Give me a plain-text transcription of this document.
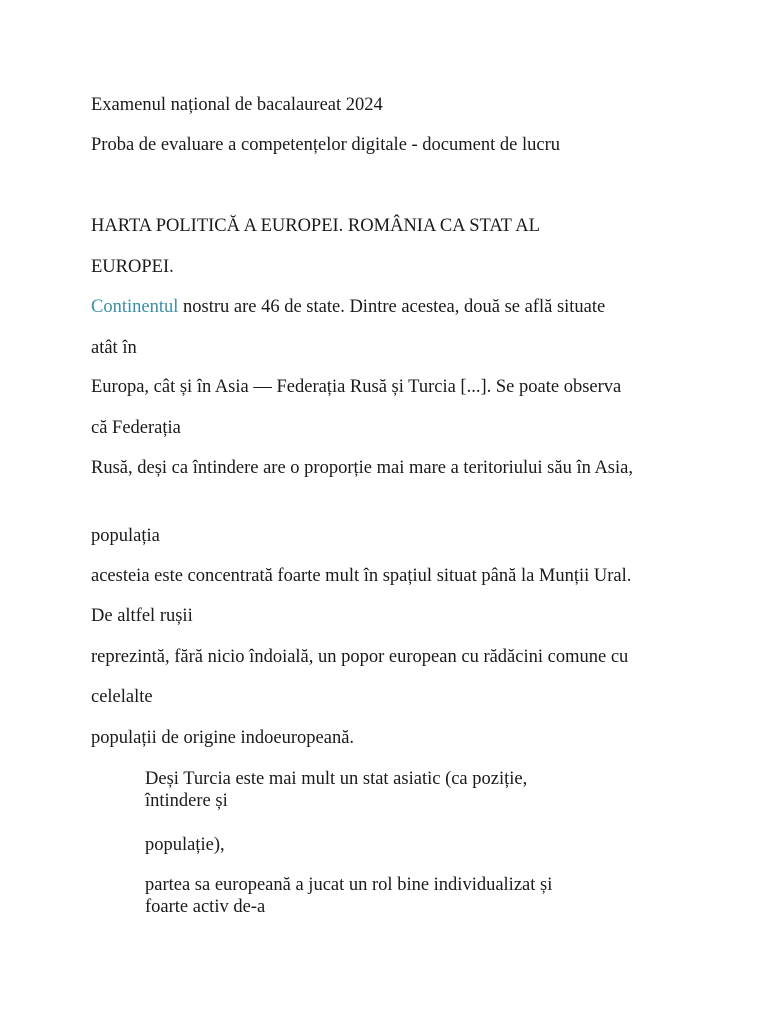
Examenul național de bacalaureat 2024

Proba de evaluare a competențelor digitale - document de lucru

HARTA POLITICĂ A EUROPEI. ROMÂNIA CA STAT AL

EUROPEI.

Continentul nostru are 46 de state. Dintre acestea, două se află situate

atât în

Europa, cât și în Asia — Federația Rusă și Turcia [...]. Se poate observa

că Federația

Rusă, deși ca întindere are o proporție mai mare a teritoriului său în Asia,

populația

acesteia este concentrată foarte mult în spațiul situat până la Munții Ural.

De altfel rușii

reprezintă, fără nicio îndoială, un popor european cu rădăcini comune cu

celelalte

populații de origine indoeuropeană.

Deși Turcia este mai mult un stat asiatic (ca poziție, întindere și

populație),

partea sa europeană a jucat un rol bine individualizat și foarte activ de-a
